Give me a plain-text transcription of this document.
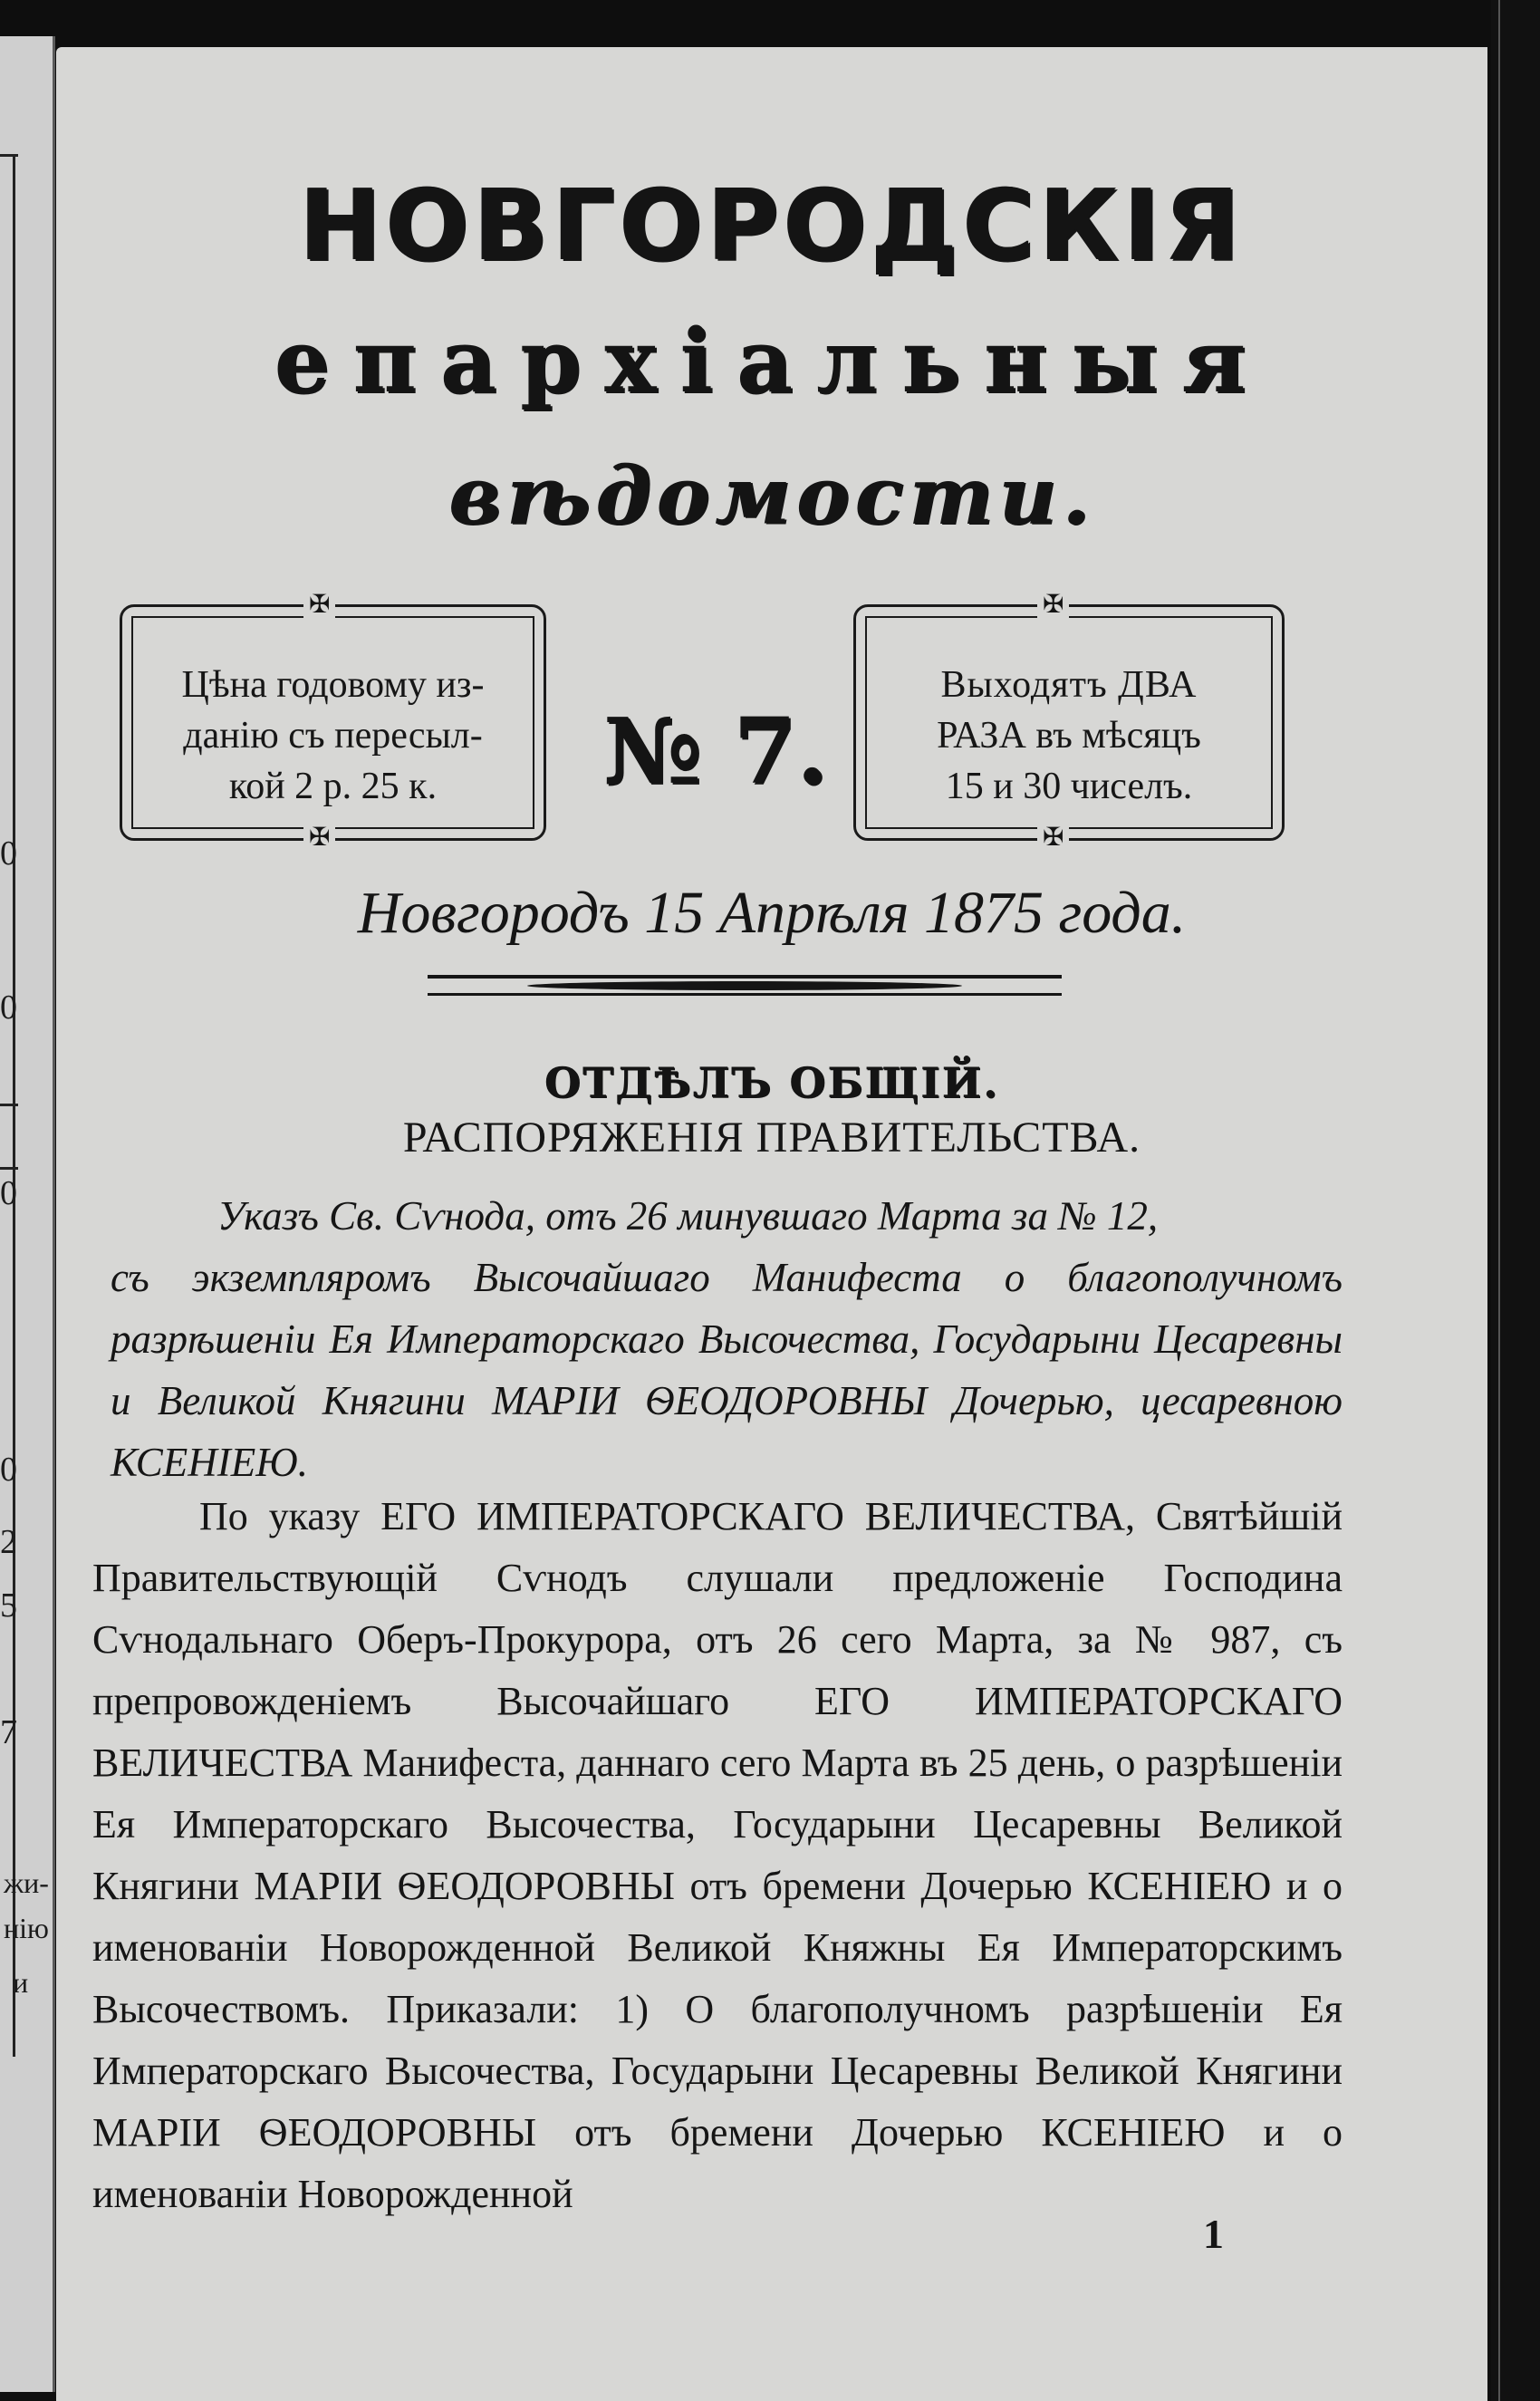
0
0
0
0
2
5
7
жи-
нію
и
НОВГОРОДСКІЯ
епархіальныя
вѣдомости.
✠
✠
Цѣна годовому из-
данію съ пересыл-
кой 2 р. 25 к.	№ 7.
✠
✠
Выходятъ ДВА
РАЗА въ мѣсяцъ
15 и 30 чиселъ.
Новгородъ 15 Апрѣля 1875 года.
ОТДѢЛЪ ОБЩІЙ.
РАСПОРЯЖЕНІЯ ПРАВИТЕЛЬСТВА.
Указъ Св. Сѵнода, отъ 26 минувшаго Марта за № 12,
съ экземпляромъ Высочайшаго Манифеста о благополучномъ разрѣшеніи Ея Императорскаго Высочества, Государыни Цесаревны и Великой Княгини МАРІИ ѲЕОДОРОВНЫ Дочерью, цесаревною КСЕНІЕЮ.

По указу ЕГО ИМПЕРАТОРСКАГО ВЕЛИЧЕСТВА, Святѣйшій Правительствующій Сѵнодъ слушали предложеніе Господина Сѵнодальнаго Оберъ-Прокурора, отъ 26 сего Марта, за № 987, съ препровожденіемъ Высочайшаго ЕГО ИМПЕРАТОРСКАГО ВЕЛИЧЕСТВА Манифеста, даннаго сего Марта въ 25 день, о разрѣшеніи Ея Императорскаго Высочества, Государыни Цесаревны Великой Княгини МАРІИ ѲЕОДОРОВНЫ отъ бремени Дочерью КСЕНІЕЮ и о именованіи Новорожденной Великой Княжны Ея Императорскимъ Высочествомъ. Приказали: 1) О благополучномъ разрѣшеніи Ея Императорскаго Высочества, Государыни Цесаревны Великой Княгини МАРІИ ѲЕОДОРОВНЫ отъ бремени Дочерью КСЕНІЕЮ и о именованіи Новорожденной

1
